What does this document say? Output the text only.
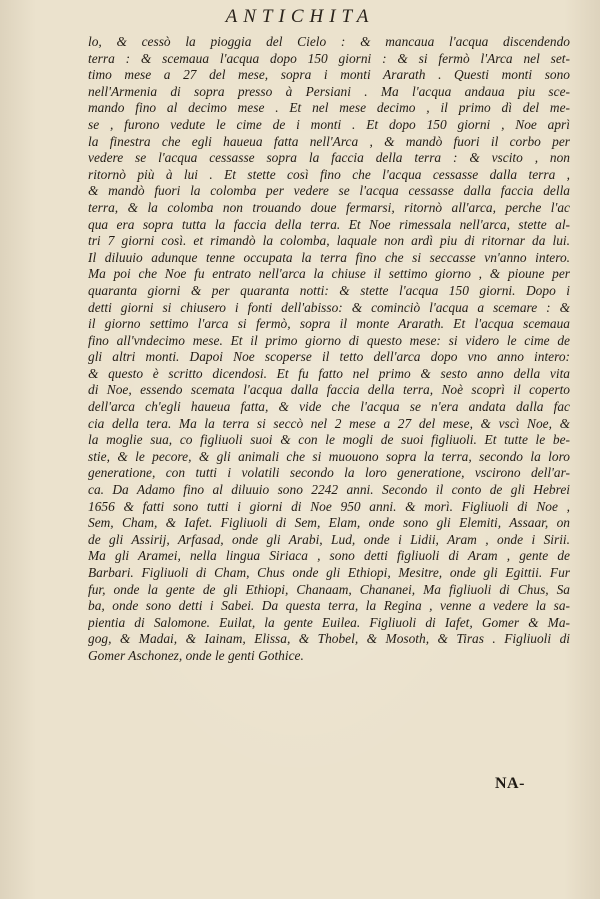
ANTICHITA
lo, & cessò la pioggia del Cielo : & mancaua l'acqua discendendo
terra : & scemaua l'acqua dopo 150 giorni : & si fermò l'Arca nel set-
timo mese a 27 del mese, sopra i monti Ararath . Questi monti sono
nell'Armenia di sopra presso à Persiani . Ma l'acqua andaua piu sce-
mando fino al decimo mese . Et nel mese decimo , il primo dì del me-
se , furono vedute le cime de i monti . Et dopo 150 giorni , Noe aprì
la finestra che egli haueua fatta nell'Arca , & mandò fuori il corbo per
vedere se l'acqua cessasse sopra la faccia della terra : & vscito , non
ritornò più à lui . Et stette così fino che l'acqua cessasse dalla terra ,
& mandò fuori la colomba per vedere se l'acqua cessasse dalla faccia della
terra, & la colomba non trouando doue fermarsi, ritornò all'arca, perche l'ac
qua era sopra tutta la faccia della terra. Et Noe rimessala nell'arca, stette al-
tri 7 giorni così. et rimandò la colomba, laquale non ardì piu di ritornar da lui.
Il diluuio adunque tenne occupata la terra fino che si seccasse vn'anno intero.
Ma poi che Noe fu entrato nell'arca la chiuse il settimo giorno , & pioune per
quaranta giorni & per quaranta notti: & stette l'acqua 150 giorni. Dopo i
detti giorni si chiusero i fonti dell'abisso: & cominciò l'acqua a scemare : &
il giorno settimo l'arca si fermò, sopra il monte Ararath. Et l'acqua scemaua
fino all'vndecimo mese. Et il primo giorno di questo mese: si videro le cime de
gli altri monti. Dapoi Noe scoperse il tetto dell'arca dopo vno anno intero:
& questo è scritto dicendosi. Et fu fatto nel primo & sesto anno della vita
di Noe, essendo scemata l'acqua dalla faccia della terra, Noè scoprì il coperto
dell'arca ch'egli haueua fatta, & vide che l'acqua se n'era andata dalla fac
cia della tera. Ma la terra si seccò nel 2 mese a 27 del mese, & vscì Noe, &
la moglie sua, co figliuoli suoi & con le mogli de suoi figliuoli. Et tutte le be-
stie, & le pecore, & gli animali che si muouono sopra la terra, secondo la loro
generatione, con tutti i volatili secondo la loro generatione, vscirono dell'ar-
ca. Da Adamo fino al diluuio sono 2242 anni. Secondo il conto de gli Hebrei
1656 & fatti sono tutti i giorni di Noe 950 anni. & morì. Figliuoli di Noe ,
Sem, Cham, & Iafet. Figliuoli di Sem, Elam, onde sono gli Elemiti, Assaar, on
de gli Assirij, Arfasad, onde gli Arabi, Lud, onde i Lidii, Aram , onde i Sirii.
Ma gli Aramei, nella lingua Siriaca , sono detti figliuoli di Aram , gente de
Barbari. Figliuoli di Cham, Chus onde gli Ethiopi, Mesitre, onde gli Egittii. Fur
fur, onde la gente de gli Ethiopi, Chanaam, Chananei, Ma figliuoli di Chus, Sa
ba, onde sono detti i Sabei. Da questa terra, la Regina , venne a vedere la sa-
pientia di Salomone. Euilat, la gente Euilea. Figliuoli di Iafet, Gomer & Ma-
gog, & Madai, & Iainam, Elissa, & Thobel, & Mosoth, & Tiras . Figliuoli di
Gomer Aschonez, onde le genti Gothice.
NA-
